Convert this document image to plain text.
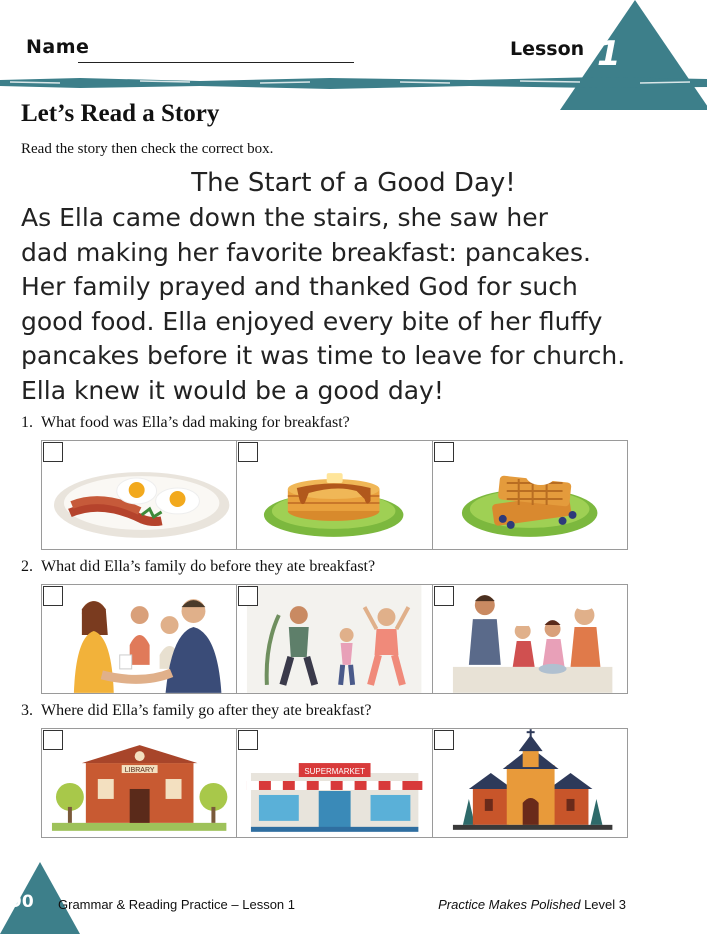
Name	Lesson 1
Let’s Read a Story
Read the story then check the correct box.
The Start of a Good Day!
As Ella came down the stairs, she saw her
dad making her favorite breakfast: pancakes.
Her family prayed and thanked God for such
good food. Ella enjoyed every bite of her fluffy
pancakes before it was time to leave for church.
Ella knew it would be a good day!
1. What food was Ella’s dad making for breakfast?
2. What did Ella’s family do before they ate breakfast?
3. Where did Ella’s family go after they ate breakfast?
LIBRARY	SUPERMARKET
90 Grammar & Reading Practice – Lesson 1	Practice Makes Polished Level 3
